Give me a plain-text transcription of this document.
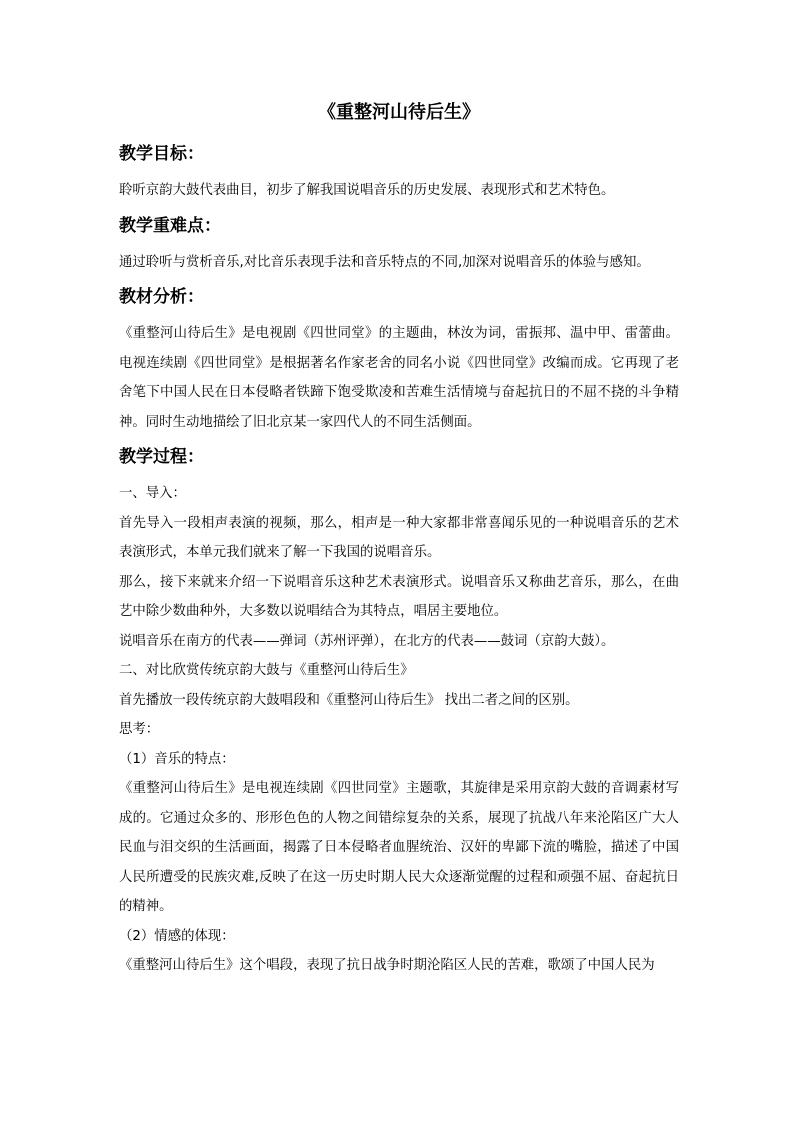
《重整河山待后生》
教学目标：

聆听京韵大鼓代表曲目，初步了解我国说唱音乐的历史发展、表现形式和艺术特色。

教学重难点：

通过聆听与赏析音乐,对比音乐表现手法和音乐特点的不同,加深对说唱音乐的体验与感知。

教材分析：

《重整河山待后生》是电视剧《四世同堂》的主题曲，林汝为词，雷振邦、温中甲、雷蕾曲。电视连续剧《四世同堂》是根据著名作家老舍的同名小说《四世同堂》改编而成。它再现了老舍笔下中国人民在日本侵略者铁蹄下饱受欺凌和苦难生活情境与奋起抗日的不屈不挠的斗争精神。同时生动地描绘了旧北京某一家四代人的不同生活侧面。

教学过程：

一、导入：

首先导入一段相声表演的视频，那么，相声是一种大家都非常喜闻乐见的一种说唱音乐的艺术表演形式，本单元我们就来了解一下我国的说唱音乐。

那么，接下来就来介绍一下说唱音乐这种艺术表演形式。说唱音乐又称曲艺音乐，那么，在曲艺中除少数曲种外，大多数以说唱结合为其特点，唱居主要地位。

说唱音乐在南方的代表——弹词（苏州评弹），在北方的代表——鼓词（京韵大鼓）。

二、对比欣赏传统京韵大鼓与《重整河山待后生》

首先播放一段传统京韵大鼓唱段和《重整河山待后生》 找出二者之间的区别。

思考：

（1）音乐的特点：

《重整河山待后生》是电视连续剧《四世同堂》主题歌，其旋律是采用京韵大鼓的音调素材写成的。它通过众多的、形形色色的人物之间错综复杂的关系，展现了抗战八年来沦陷区广大人民血与泪交织的生活画面，揭露了日本侵略者血腥统治、汉奸的卑鄙下流的嘴脸，描述了中国人民所遭受的民族灾难,反映了在这一历史时期人民大众逐渐觉醒的过程和顽强不屈、奋起抗日的精神。

（2）情感的体现：

《重整河山待后生》这个唱段，表现了抗日战争时期沦陷区人民的苦难，歌颂了中国人民为
